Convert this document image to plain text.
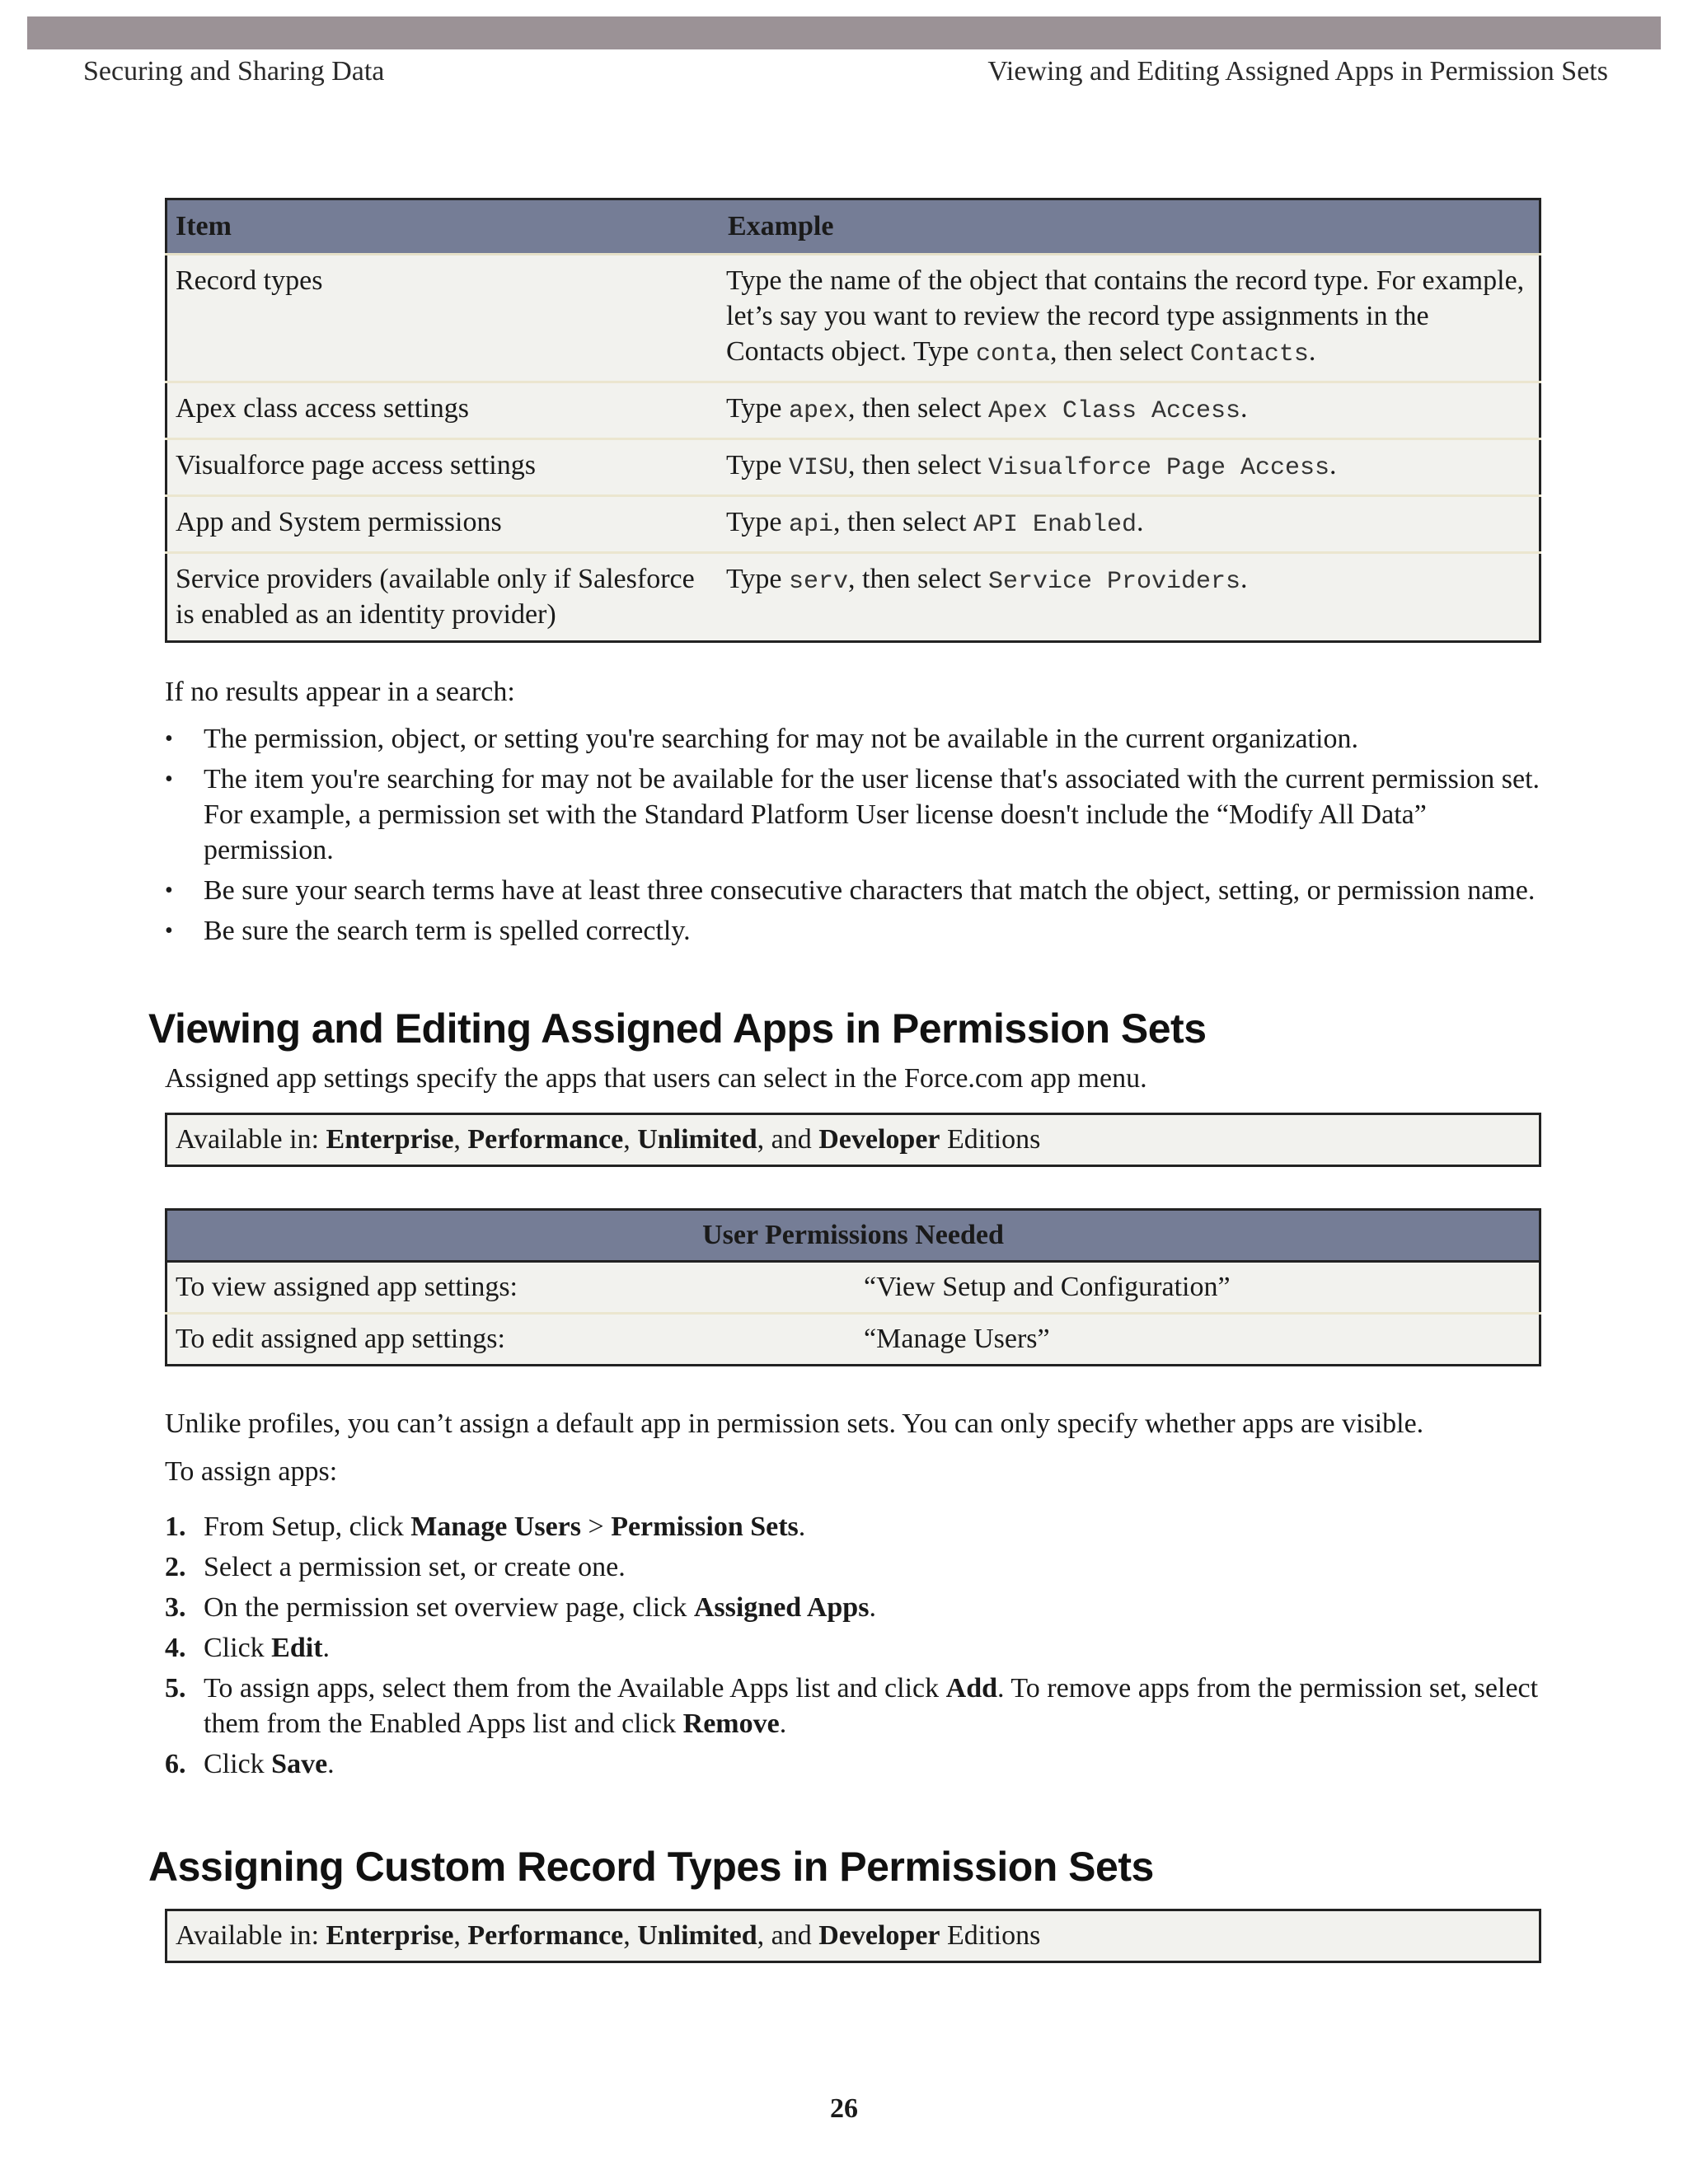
Securing and Sharing Data	Viewing and Editing Assigned Apps in Permission Sets
Item	Example
Record types	Type the name of the object that contains the record type. For example, let’s say you want to review the record type assignments in the Contacts object. Type conta, then select Contacts.
Apex class access settings	Type apex, then select Apex Class Access.
Visualforce page access settings	Type VISU, then select Visualforce Page Access.
App and System permissions	Type api, then select API Enabled.
Service providers (available only if Salesforce is enabled as an identity provider)	Type serv, then select Service Providers.

If no results appear in a search:

• The permission, object, or setting you're searching for may not be available in the current organization.
• The item you're searching for may not be available for the user license that's associated with the current permission set. For example, a permission set with the Standard Platform User license doesn't include the “Modify All Data” permission.
• Be sure your search terms have at least three consecutive characters that match the object, setting, or permission name.
• Be sure the search term is spelled correctly.
Viewing and Editing Assigned Apps in Permission Sets

Assigned app settings specify the apps that users can select in the Force.com app menu.

Available in: Enterprise, Performance, Unlimited, and Developer Editions
User Permissions Needed	
To view assigned app settings:	“View Setup and Configuration”
To edit assigned app settings:	“Manage Users”

Unlike profiles, you can’t assign a default app in permission sets. You can only specify whether apps are visible.

To assign apps:

1. From Setup, click Manage Users > Permission Sets.
2. Select a permission set, or create one.
3. On the permission set overview page, click Assigned Apps.
4. Click Edit.
5. To assign apps, select them from the Available Apps list and click Add. To remove apps from the permission set, select them from the Enabled Apps list and click Remove.
6. Click Save.
Assigning Custom Record Types in Permission Sets
Available in: Enterprise, Performance, Unlimited, and Developer Editions
26
